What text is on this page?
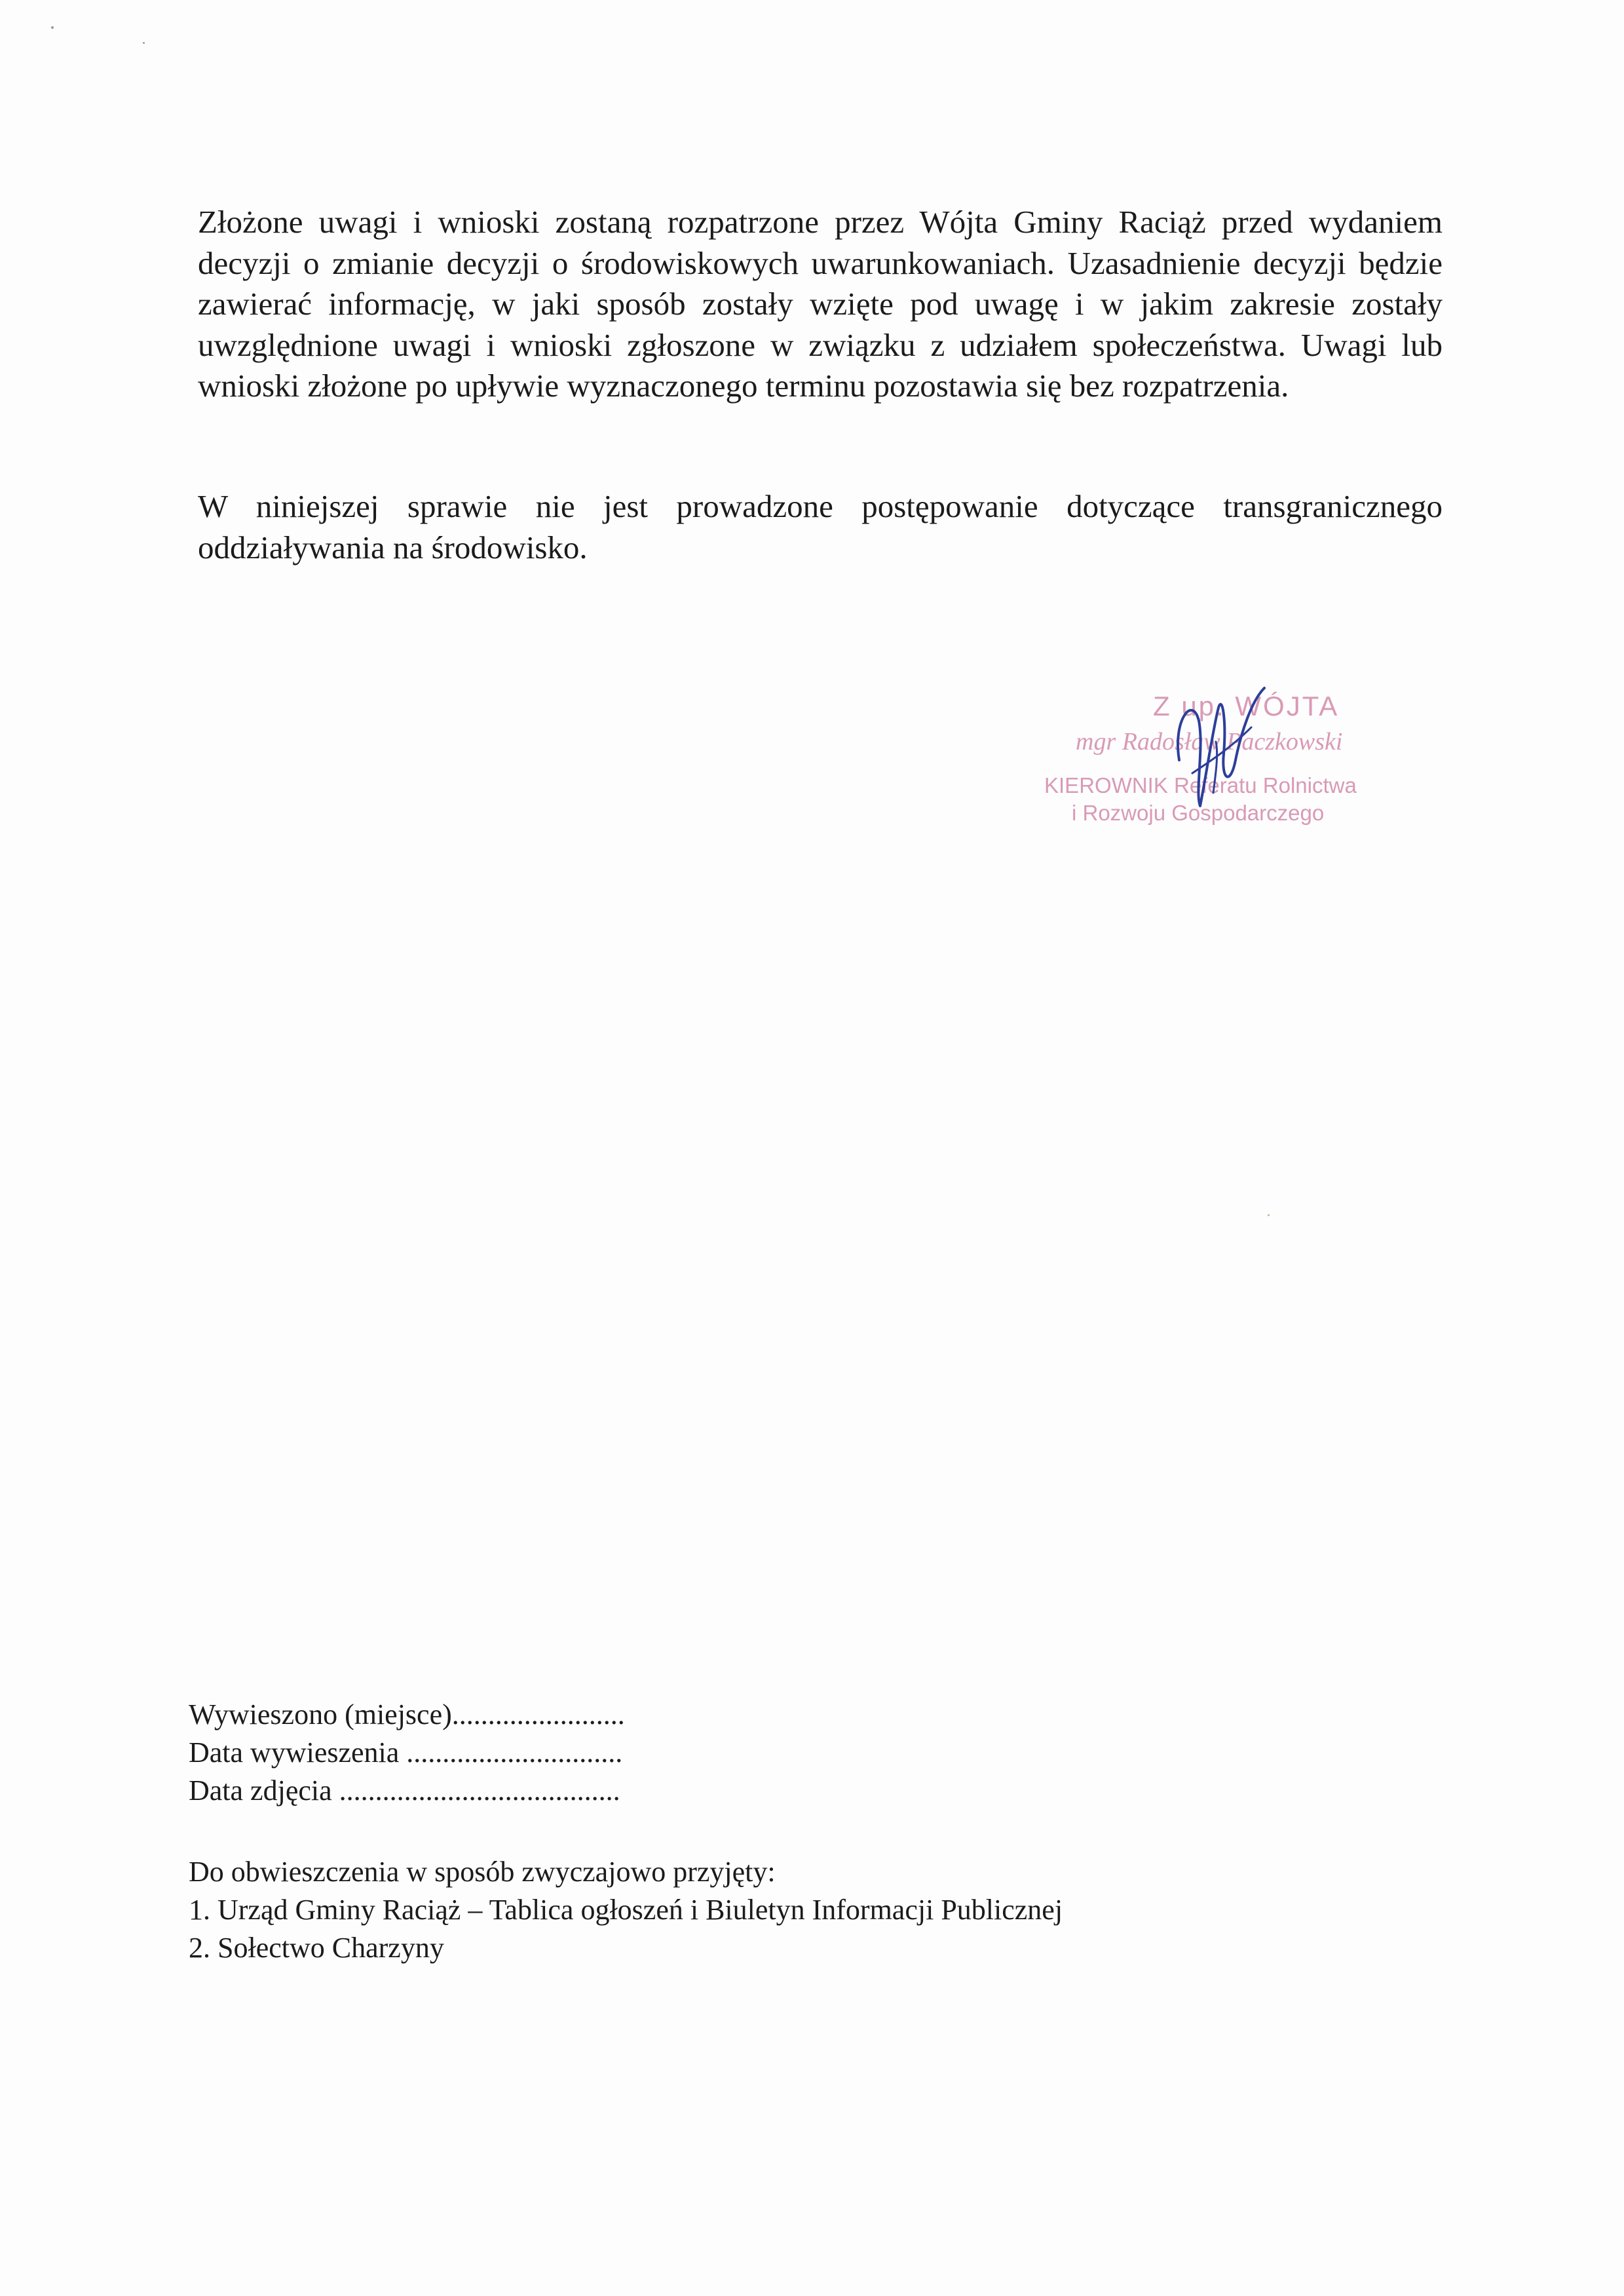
Złożone uwagi i wnioski zostaną rozpatrzone przez Wójta Gminy Raciąż przed wydaniem decyzji o zmianie decyzji o środowiskowych uwarunkowaniach. Uzasadnienie decyzji będzie zawierać informację, w jaki sposób zostały wzięte pod uwagę i w jakim zakresie zostały uwzględnione uwagi i wnioski zgłoszone w związku z udziałem społeczeństwa. Uwagi lub wnioski złożone po upływie wyznaczonego terminu pozostawia się bez rozpatrzenia.

W niniejszej sprawie nie jest prowadzone postępowanie dotyczące transgranicznego oddziaływania na środowisko.

Z up. WÓJTA
mgr Radosław Paczkowski
KIEROWNIK Referatu Rolnictwa
i Rozwoju Gospodarczego
Wywieszono (miejsce)........................
Data wywieszenia ..............................
Data zdjęcia .......................................
Do obwieszczenia w sposób zwyczajowo przyjęty:
1. Urząd Gminy Raciąż – Tablica ogłoszeń i Biuletyn Informacji Publicznej
2. Sołectwo Charzyny
